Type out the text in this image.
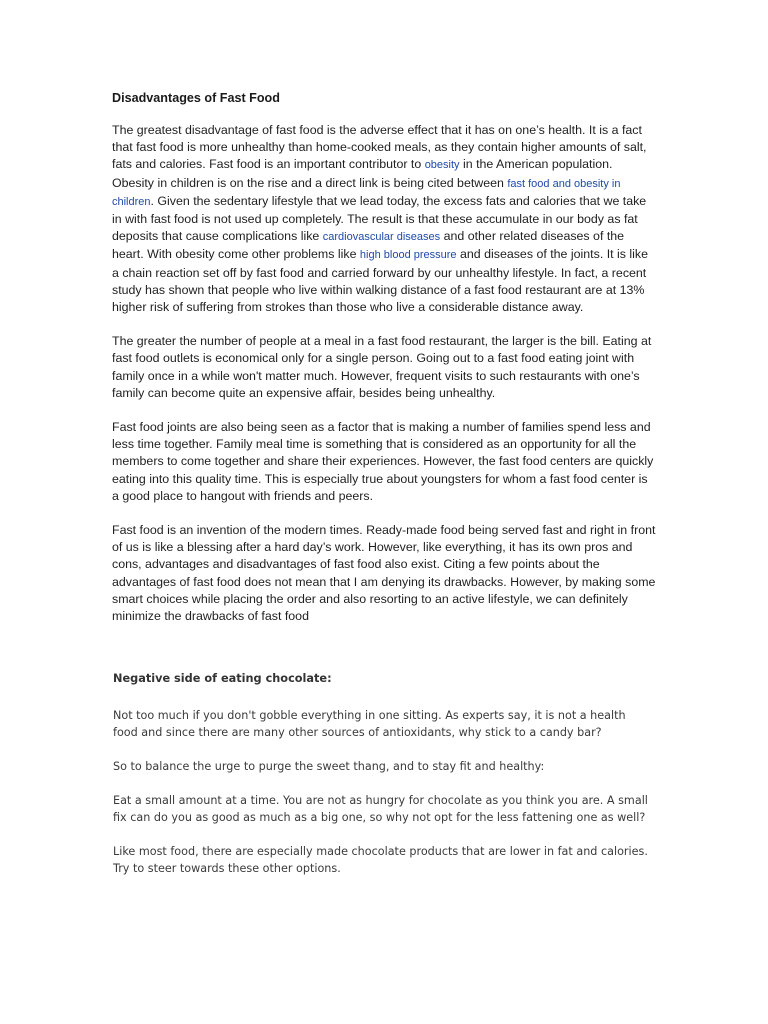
Disadvantages of Fast Food

The greatest disadvantage of fast food is the adverse effect that it has on one’s health. It is a fact that fast food is more unhealthy than home-cooked meals, as they contain higher amounts of salt, fats and calories. Fast food is an important contributor to obesity in the American population. Obesity in children is on the rise and a direct link is being cited between fast food and obesity in children. Given the sedentary lifestyle that we lead today, the excess fats and calories that we take in with fast food is not used up completely. The result is that these accumulate in our body as fat deposits that cause complications like cardiovascular diseases and other related diseases of the heart. With obesity come other problems like high blood pressure and diseases of the joints. It is like a chain reaction set off by fast food and carried forward by our unhealthy lifestyle. In fact, a recent study has shown that people who live within walking distance of a fast food restaurant are at 13% higher risk of suffering from strokes than those who live a considerable distance away.

The greater the number of people at a meal in a fast food restaurant, the larger is the bill. Eating at fast food outlets is economical only for a single person. Going out to a fast food eating joint with family once in a while won't matter much. However, frequent visits to such restaurants with one’s family can become quite an expensive affair, besides being unhealthy.

Fast food joints are also being seen as a factor that is making a number of families spend less and less time together. Family meal time is something that is considered as an opportunity for all the members to come together and share their experiences. However, the fast food centers are quickly eating into this quality time. This is especially true about youngsters for whom a fast food center is a good place to hangout with friends and peers.

Fast food is an invention of the modern times. Ready-made food being served fast and right in front of us is like a blessing after a hard day’s work. However, like everything, it has its own pros and cons, advantages and disadvantages of fast food also exist. Citing a few points about the advantages of fast food does not mean that I am denying its drawbacks. However, by making some smart choices while placing the order and also resorting to an active lifestyle, we can definitely minimize the drawbacks of fast food

Negative side of eating chocolate:

Not too much if you don't gobble everything in one sitting. As experts say, it is not a health food and since there are many other sources of antioxidants, why stick to a candy bar?

So to balance the urge to purge the sweet thang, and to stay fit and healthy:

Eat a small amount at a time. You are not as hungry for chocolate as you think you are. A small fix can do you as good as much as a big one, so why not opt for the less fattening one as well?

Like most food, there are especially made chocolate products that are lower in fat and calories. Try to steer towards these other options.
